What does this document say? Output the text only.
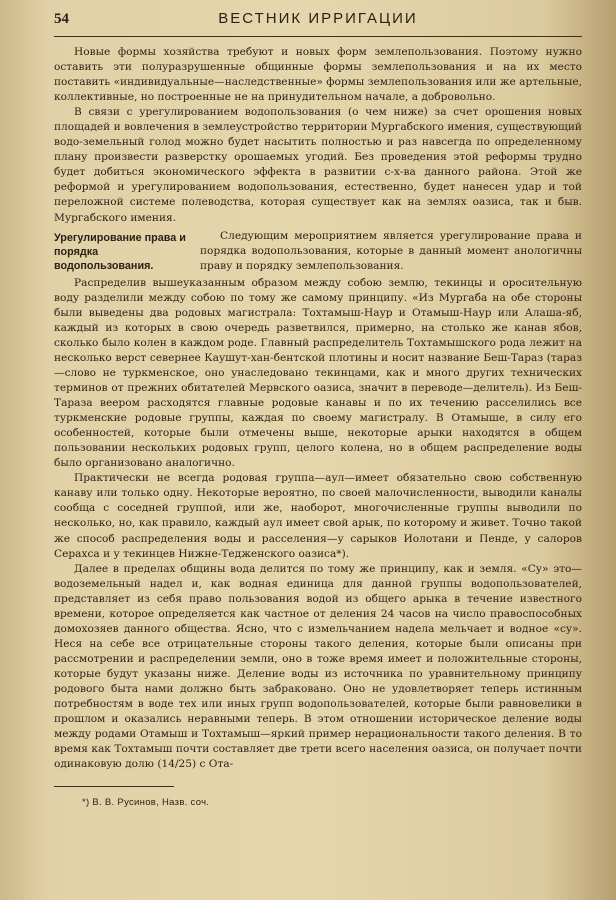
54	ВЕСТНИК ИРРИГАЦИИ

Новые формы хозяйства требуют и новых форм землепользования. Поэтому нужно оставить эти полуразрушенные общинные формы землепользования и на их место поставить «индивидуальные—наследственные» формы землепользования или же артельные, коллективные, но построенные не на принудительном начале, а добровольно.

В связи с урегулированием водопользования (о чем ниже) за счет орошения новых площадей и вовлечения в землеустройство территории Мургабского имения, существующий водо-земельный голод можно будет насытить полностью и раз навсегда по определенному плану произвести разверстку орошаемых угодий. Без проведения этой реформы трудно будет добиться экономического эффекта в развитии с-х-ва данного района. Этой же реформой и урегулированием водопользования, естественно, будет нанесен удар и той переложной системе полеводства, которая существует как на землях оазиса, так и быв. Мургабского имения.

Урегулирование права и порядка водопользования.
Следующим мероприятием является урегулирование права и порядка водопользования, которые в данный момент анологичны праву и порядку землепользования.

Распределив вышеуказанным образом между собою землю, текинцы и оросительную воду разделили между собою по тому же самому принципу. «Из Мургаба на обе стороны были выведены два родовых магистрала: Тохтамыш-Наур и Отамыш-Наур или Алаша-яб, каждый из которых в свою очередь разветвился, примерно, на столько же канав ябов, сколько было колен в каждом роде. Главный распределитель Тохтамышского рода лежит на несколько верст севернее Каушут-хан-бентской плотины и носит название Беш-Тараз (тараз—слово не туркменское, оно унаследовано текинцами, как и много других технических терминов от прежних обитателей Мервского оазиса, значит в переводе—делитель). Из Беш-Тараза веером расходятся главные родовые канавы и по их течению расселились все туркменские родовые группы, каждая по своему магистралу. В Отамыше, в силу его особенностей, которые были отмечены выше, некоторые арыки находятся в общем пользовании нескольких родовых групп, целого колена, но в общем распределение воды было организовано аналогично.

Практически не всегда родовая группа—аул—имеет обязательно свою собственную канаву или только одну. Некоторые вероятно, по своей малочисленности, выводили каналы сообща с соседней группой, или же, наоборот, многочисленные группы выводили по несколько, но, как правило, каждый аул имеет свой арык, по которому и живет. Точно такой же способ распределения воды и расселения—у сарыков Иолотани и Пенде, у салоров Серахса и у текинцев Нижне-Теджeнского оазиса*).

Далее в пределах общины вода делится по тому же принципу, как и земля. «Су» это—водоземельный надел и, как водная единица для данной группы водопользователей, представляет из себя право пользования водой из общего арыка в течение известного времени, которое определяется как частное от деления 24 часов на число правоспособных домохозяев данного общества. Ясно, что с измельчанием надела мельчает и водное «су». Неся на себе все отрицательные стороны такого деления, которые были описаны при рассмотрении и распределении земли, оно в тоже время имеет и положительные стороны, которые будут указаны ниже. Деление воды из источника по уравнительному принципу родового быта нами должно быть забраковано. Оно не удовлетворяет теперь истинным потребностям в воде тех или иных групп водопользователей, которые были равновелики в прошлом и оказались неравными теперь. В этом отношении историческое деление воды между родами Отамыш и Тохтамыш—яркий пример нерациональности такого деления. В то время как Тохтамыш почти составляет две трети всего населения оазиса, он получает почти одинаковую долю (14/25) с Ота-

*) В. В. Русинов, Назв. соч.
